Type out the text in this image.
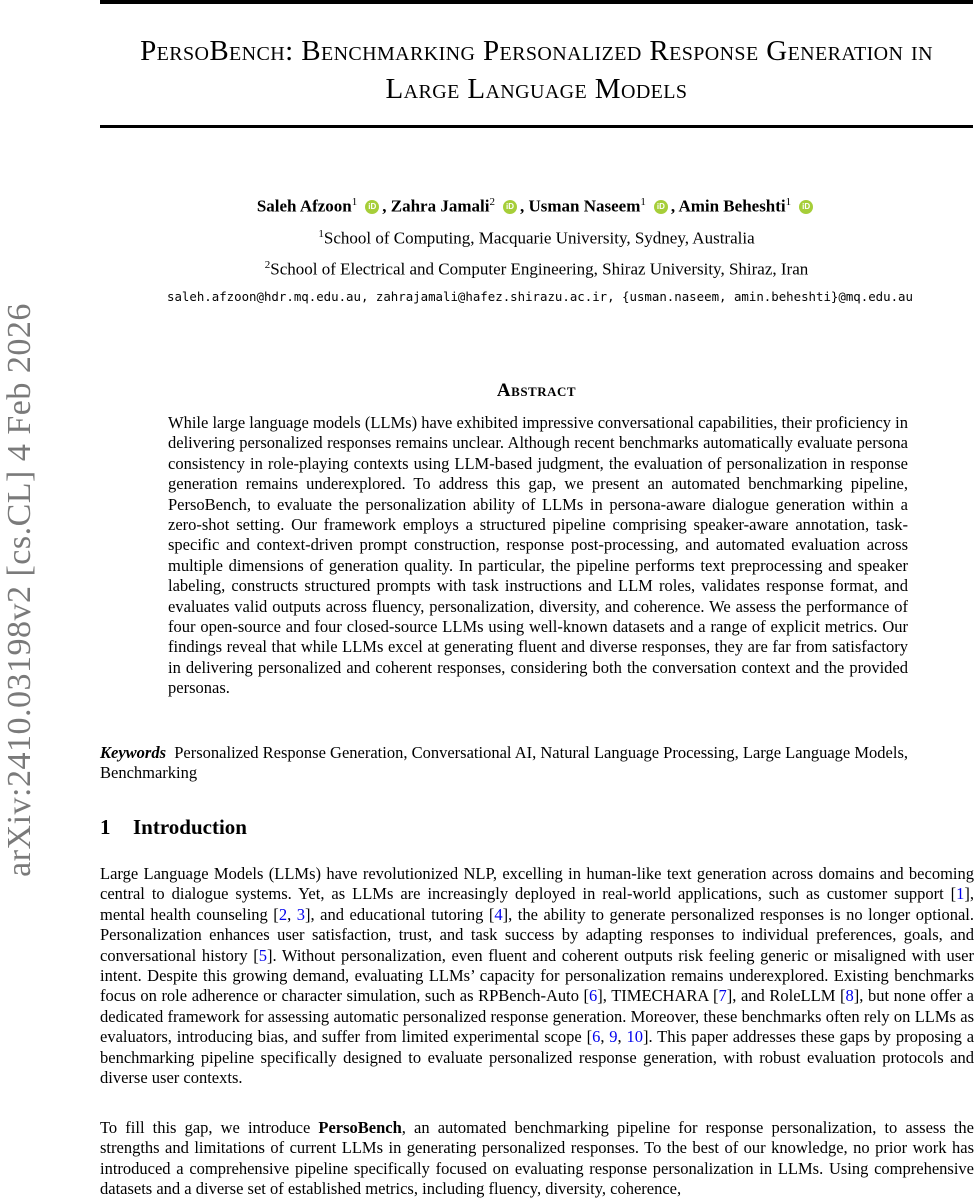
arXiv:2410.03198v2 [cs.CL] 4 Feb 2026
PersoBench: Benchmarking Personalized Response Generation in Large Language Models
Saleh Afzoon$^1$ iD , Zahra Jamali$^2$ iD , Usman Naseem$^1$ iD , Amin Beheshti$^1$ iD
$^1$School of Computing, Macquarie University, Sydney, Australia
$^2$School of Electrical and Computer Engineering, Shiraz University, Shiraz, Iran
saleh.afzoon@hdr.mq.edu.au, zahrajamali@hafez.shirazu.ac.ir, {usman.naseem, amin.beheshti}@mq.edu.au
Abstract
While large language models (LLMs) have exhibited impressive conversational capabilities, their proficiency in delivering personalized responses remains unclear. Although recent benchmarks automatically evaluate persona consistency in role-playing contexts using LLM-based judgment, the evaluation of personalization in response generation remains underexplored. To address this gap, we present an automated benchmarking pipeline, PersoBench, to evaluate the personalization ability of LLMs in persona-aware dialogue generation within a zero-shot setting. Our framework employs a structured pipeline comprising speaker-aware annotation, task-specific and context-driven prompt construction, response post-processing, and automated evaluation across multiple dimensions of generation quality. In particular, the pipeline performs text preprocessing and speaker labeling, constructs structured prompts with task instructions and LLM roles, validates response format, and evaluates valid outputs across fluency, personalization, diversity, and coherence. We assess the performance of four open-source and four closed-source LLMs using well-known datasets and a range of explicit metrics. Our findings reveal that while LLMs excel at generating fluent and diverse responses, they are far from satisfactory in delivering personalized and coherent responses, considering both the conversation context and the provided personas.
Keywords Personalized Response Generation, Conversational AI, Natural Language Processing, Large Language Models, Benchmarking
1 Introduction
Large Language Models (LLMs) have revolutionized NLP, excelling in human-like text generation across domains and becoming central to dialogue systems. Yet, as LLMs are increasingly deployed in real-world applications, such as customer support [1], mental health counseling [2, 3], and educational tutoring [4], the ability to generate personalized responses is no longer optional. Personalization enhances user satisfaction, trust, and task success by adapting responses to individual preferences, goals, and conversational history [5]. Without personalization, even fluent and coherent outputs risk feeling generic or misaligned with user intent. Despite this growing demand, evaluating LLMs’ capacity for personalization remains underexplored. Existing benchmarks focus on role adherence or character simulation, such as RPBench-Auto [6], TIMECHARA [7], and RoleLLM [8], but none offer a dedicated framework for assessing automatic personalized response generation. Moreover, these benchmarks often rely on LLMs as evaluators, introducing bias, and suffer from limited experimental scope [6, 9, 10]. This paper addresses these gaps by proposing a benchmarking pipeline specifically designed to evaluate personalized response generation, with robust evaluation protocols and diverse user contexts.
To fill this gap, we introduce PersoBench, an automated benchmarking pipeline for response personalization, to assess the strengths and limitations of current LLMs in generating personalized responses. To the best of our knowledge, no prior work has introduced a comprehensive pipeline specifically focused on evaluating response personalization in LLMs. Using comprehensive datasets and a diverse set of established metrics, including fluency, diversity, coherence,
